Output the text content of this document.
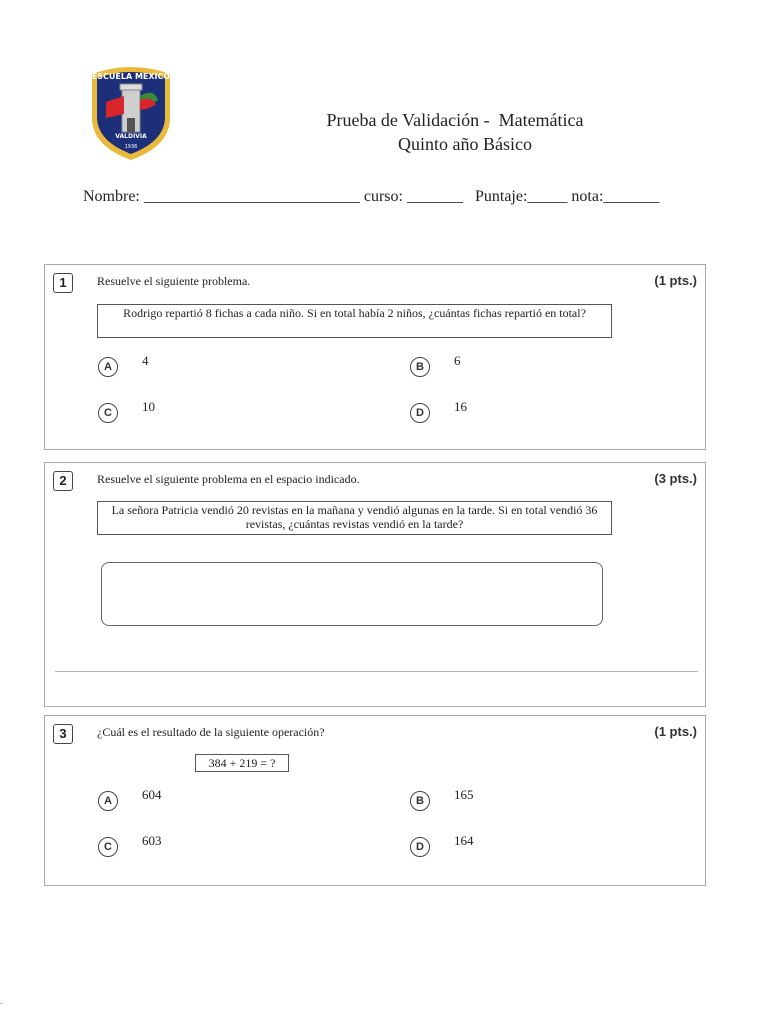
ESCUELA MEXICO
VALDIVIA
1936
Prueba de Validación -  Matemática
Quinto año Básico
Nombre: ___________________________ curso: _______   Puntaje:_____ nota:_______
1	Resuelve el siguiente problema.	(1 pts.)
Rodrigo repartió 8 fichas a cada niño. Si en total había 2 niños, ¿cuántas fichas repartió en total?
A	4	B	6
C	10	D	16
2	Resuelve el siguiente problema en el espacio indicado.	(3 pts.)
La señora Patricia vendió 20 revistas en la mañana y vendió algunas en la tarde. Si en total vendió 36 revistas, ¿cuántas revistas vendió en la tarde?
3	¿Cuál es el resultado de la siguiente operación?	(1 pts.)
384 + 219 = ?
A	604	B	165
C	603	D	164
-
